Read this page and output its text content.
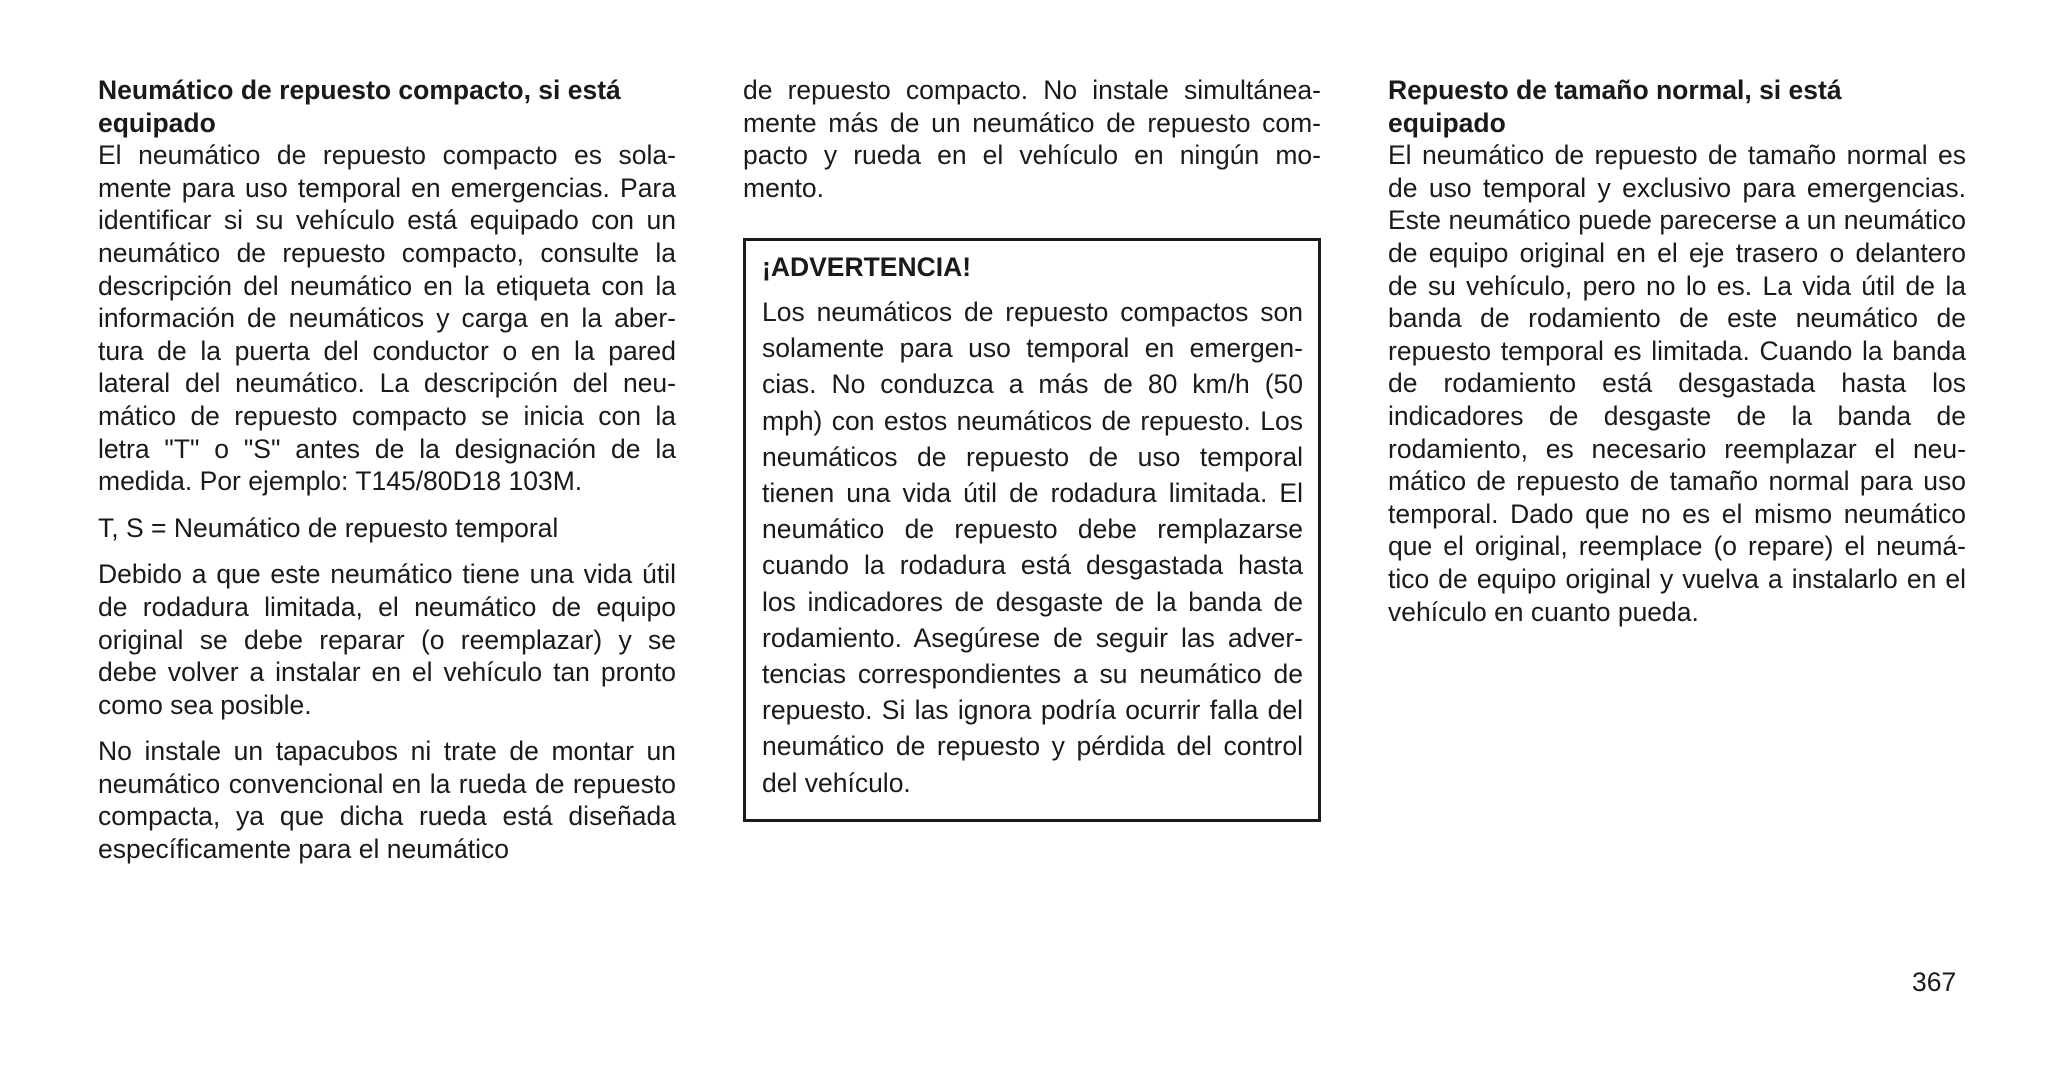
Neumático de repuesto compacto, si está equipado

El neumático de repuesto compacto es solamente para uso temporal en emergencias. Para identificar si su vehículo está equipado con un neumático de repuesto compacto, consulte la descripción del neumático en la etiqueta con la información de neumáticos y carga en la abertura de la puerta del conductor o en la pared lateral del neumático. La descripción del neumático de repuesto compacto se inicia con la letra "T" o "S" antes de la designación de la medida. Por ejemplo: T145/80D18 103M.

T, S = Neumático de repuesto temporal

Debido a que este neumático tiene una vida útil de rodadura limitada, el neumático de equipo original se debe reparar (o reemplazar) y se debe volver a instalar en el vehículo tan pronto como sea posible.

No instale un tapacubos ni trate de montar un neumático convencional en la rueda de repuesto compacta, ya que dicha rueda está diseñada específicamente para el neumático

de repuesto compacto. No instale simultáneamente más de un neumático de repuesto compacto y rueda en el vehículo en ningún momento.

¡ADVERTENCIA!

Los neumáticos de repuesto compactos son solamente para uso temporal en emergencias. No conduzca a más de 80 km/h (50 mph) con estos neumáticos de repuesto. Los neumáticos de repuesto de uso temporal tienen una vida útil de rodadura limitada. El neumático de repuesto debe remplazarse cuando la rodadura está desgastada hasta los indicadores de desgaste de la banda de rodamiento. Asegúrese de seguir las advertencias correspondientes a su neumático de repuesto. Si las ignora podría ocurrir falla del neumático de repuesto y pérdida del control del vehículo.

Repuesto de tamaño normal, si está equipado

El neumático de repuesto de tamaño normal es de uso temporal y exclusivo para emergencias. Este neumático puede parecerse a un neumático de equipo original en el eje trasero o delantero de su vehículo, pero no lo es. La vida útil de la banda de rodamiento de este neumático de repuesto temporal es limitada. Cuando la banda de rodamiento está desgastada hasta los indicadores de desgaste de la banda de rodamiento, es necesario reemplazar el neumático de repuesto de tamaño normal para uso temporal. Dado que no es el mismo neumático que el original, reemplace (o repare) el neumático de equipo original y vuelva a instalarlo en el vehículo en cuanto pueda.

367
